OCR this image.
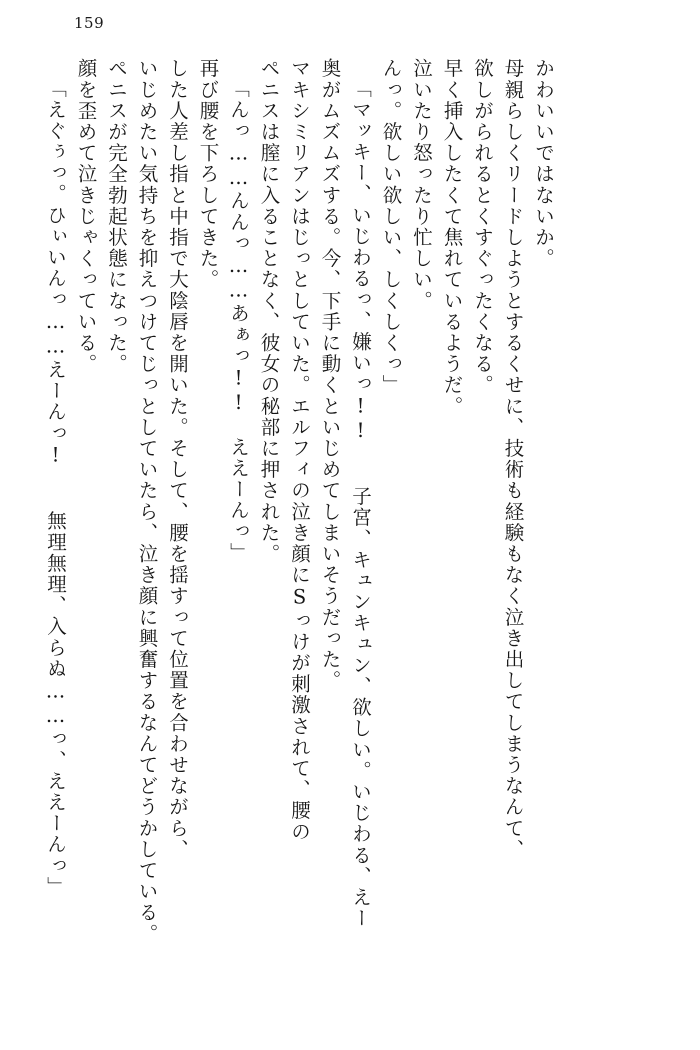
159
「えぐぅっ。ひぃいんっ……えーんっ!　　無理無理、入らぬ……っ、ええーんっ」 顔を歪めて泣きじゃくっている。 ペニスが完全勃起状態になった。 いじめたい気持ちを抑えつけてじっとしていたら、泣き顔に興奮するなんてどうかしている。 した人差し指と中指で大陰唇を開いた。そして、腰を揺すって位置を合わせながら、 再び腰を下ろしてきた。 「んっ……んんっ……あぁっ!!　ええーんっ」 ペニスは膣に入ることなく、彼女の秘部に押された。 マキシミリアンはじっとしていた。エルフィの泣き顔にSっけが刺激されて、腰の 奥がムズムズする。今、下手に動くといじめてしまいそうだった。 「マッキー、いじわるっ、嫌いっ!!　　子宮、キュンキュン、欲しい。いじわる、えー んっ。欲しい欲しい、しくしくっ」 泣いたり怒ったり忙しい。 早く挿入したくて焦れているようだ。 欲しがられるとくすぐったくなる。 母親らしくリードしようとするくせに、技術も経験もなく泣き出してしまうなんて、 かわいいではないか。
